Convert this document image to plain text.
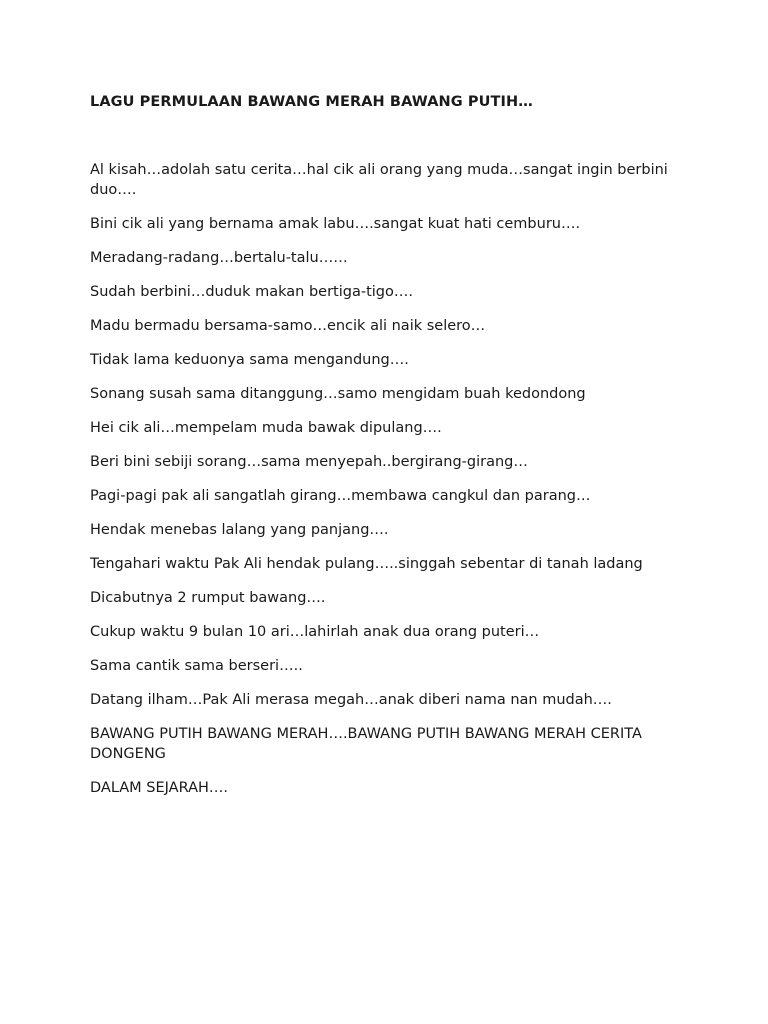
LAGU PERMULAAN BAWANG MERAH BAWANG PUTIH…

Al kisah…adolah satu cerita…hal cik ali orang yang muda…sangat ingin berbini duo….

Bini cik ali yang bernama amak labu….sangat kuat hati cemburu….

Meradang-radang…bertalu-talu……

Sudah berbini…duduk makan bertiga-tigo….

Madu bermadu bersama-samo…encik ali naik selero…

Tidak lama keduonya sama mengandung….

Sonang susah sama ditanggung…samo mengidam buah kedondong

Hei cik ali…mempelam muda bawak dipulang….

Beri bini sebiji sorang…sama menyepah..bergirang-girang…

Pagi-pagi pak ali sangatlah girang…membawa cangkul dan parang…

Hendak menebas lalang yang panjang….

Tengahari waktu Pak Ali hendak pulang…..singgah sebentar di tanah ladang

Dicabutnya 2 rumput bawang….

Cukup waktu 9 bulan 10 ari…lahirlah anak dua orang puteri…

Sama cantik sama berseri…..

Datang ilham…Pak Ali merasa megah…anak diberi nama nan mudah….

BAWANG PUTIH BAWANG MERAH….BAWANG PUTIH BAWANG MERAH CERITA DONGENG

DALAM SEJARAH….
